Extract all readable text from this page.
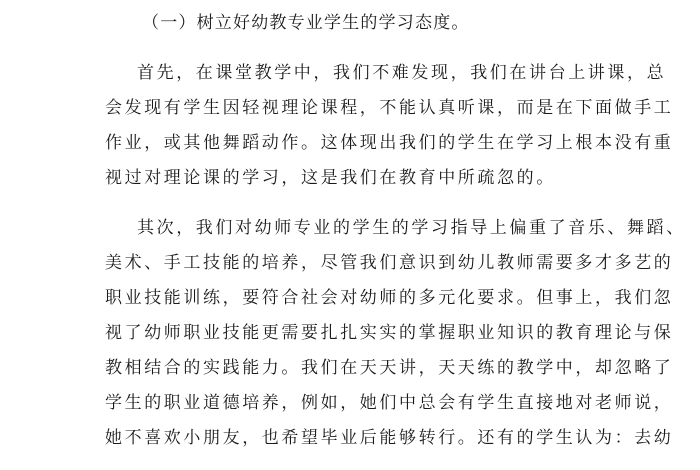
（一）树立好幼教专业学生的学习态度。
首先，在课堂教学中，我们不难发现，我们在讲台上讲课，总
会发现有学生因轻视理论课程，不能认真听课，而是在下面做手工
作业，或其他舞蹈动作。这体现出我们的学生在学习上根本没有重
视过对理论课的学习，这是我们在教育中所疏忽的。
其次，我们对幼师专业的学生的学习指导上偏重了音乐、舞蹈、
美术、手工技能的培养，尽管我们意识到幼儿教师需要多才多艺的
职业技能训练，要符合社会对幼师的多元化要求。但事上，我们忽
视了幼师职业技能更需要扎扎实实的掌握职业知识的教育理论与保
教相结合的实践能力。我们在天天讲，天天练的教学中，却忽略了
学生的职业道德培养，例如，她们中总会有学生直接地对老师说，
她不喜欢小朋友，也希望毕业后能够转行。还有的学生认为：去幼
